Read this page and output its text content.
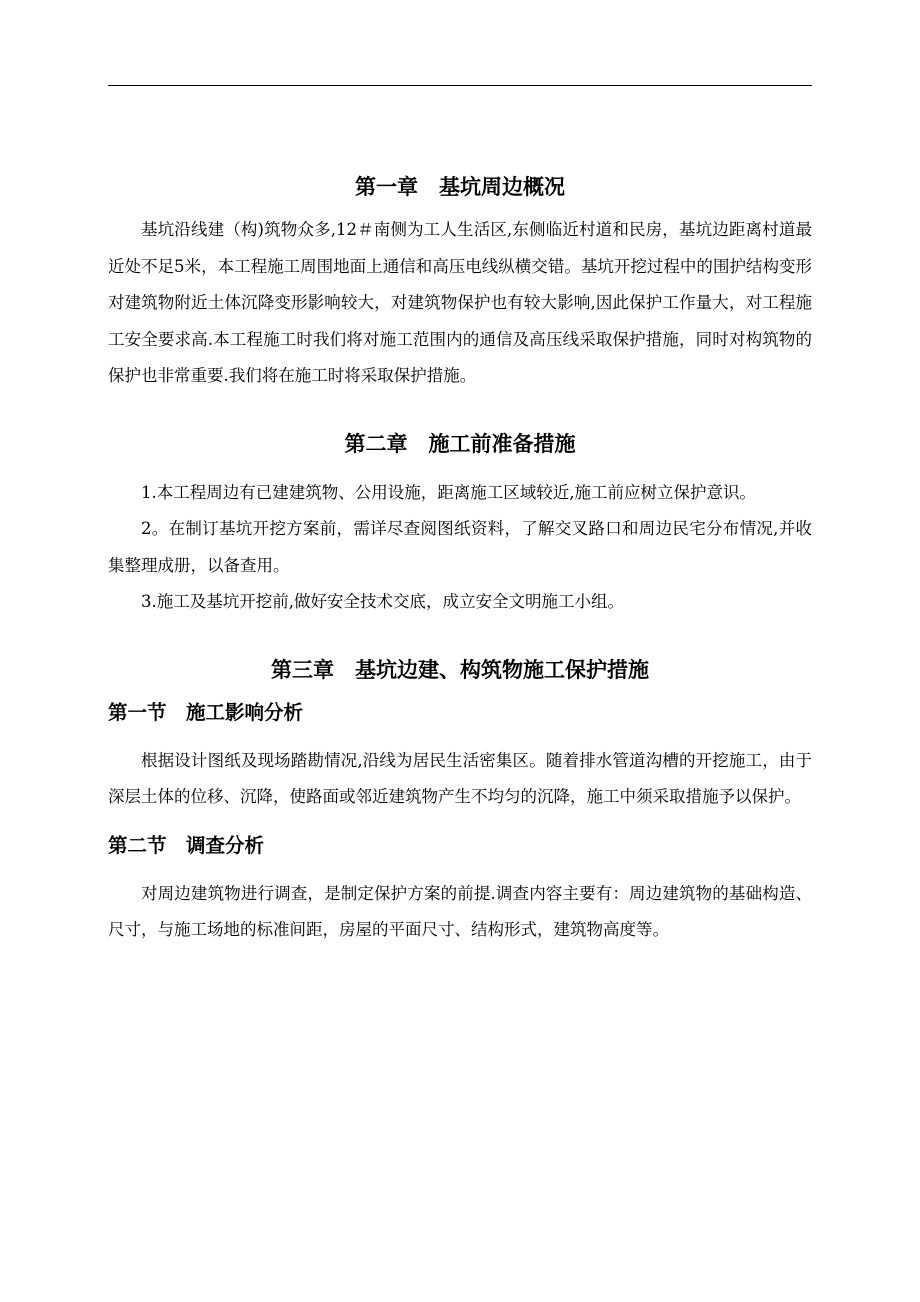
第一章　基坑周边概况

基坑沿线建（构)筑物众多,12＃南侧为工人生活区,东侧临近村道和民房，基坑边距离村道最近处不足5米，本工程施工周围地面上通信和高压电线纵横交错。基坑开挖过程中的围护结构变形对建筑物附近土体沉降变形影响较大，对建筑物保护也有较大影响,因此保护工作量大，对工程施工安全要求高.本工程施工时我们将对施工范围内的通信及高压线采取保护措施，同时对构筑物的保护也非常重要.我们将在施工时将采取保护措施。

第二章　施工前准备措施

1.本工程周边有已建建筑物、公用设施，距离施工区域较近,施工前应树立保护意识。

2。在制订基坑开挖方案前，需详尽查阅图纸资料，了解交叉路口和周边民宅分布情况,并收集整理成册，以备查用。

3.施工及基坑开挖前,做好安全技术交底，成立安全文明施工小组。

第三章　基坑边建、构筑物施工保护措施
第一节　施工影响分析

根据设计图纸及现场踏勘情况,沿线为居民生活密集区。随着排水管道沟槽的开挖施工，由于深层土体的位移、沉降，使路面或邻近建筑物产生不均匀的沉降，施工中须采取措施予以保护。

第二节　调查分析

对周边建筑物进行调查，是制定保护方案的前提.调查内容主要有：周边建筑物的基础构造、尺寸，与施工场地的标准间距，房屋的平面尺寸、结构形式，建筑物高度等。
